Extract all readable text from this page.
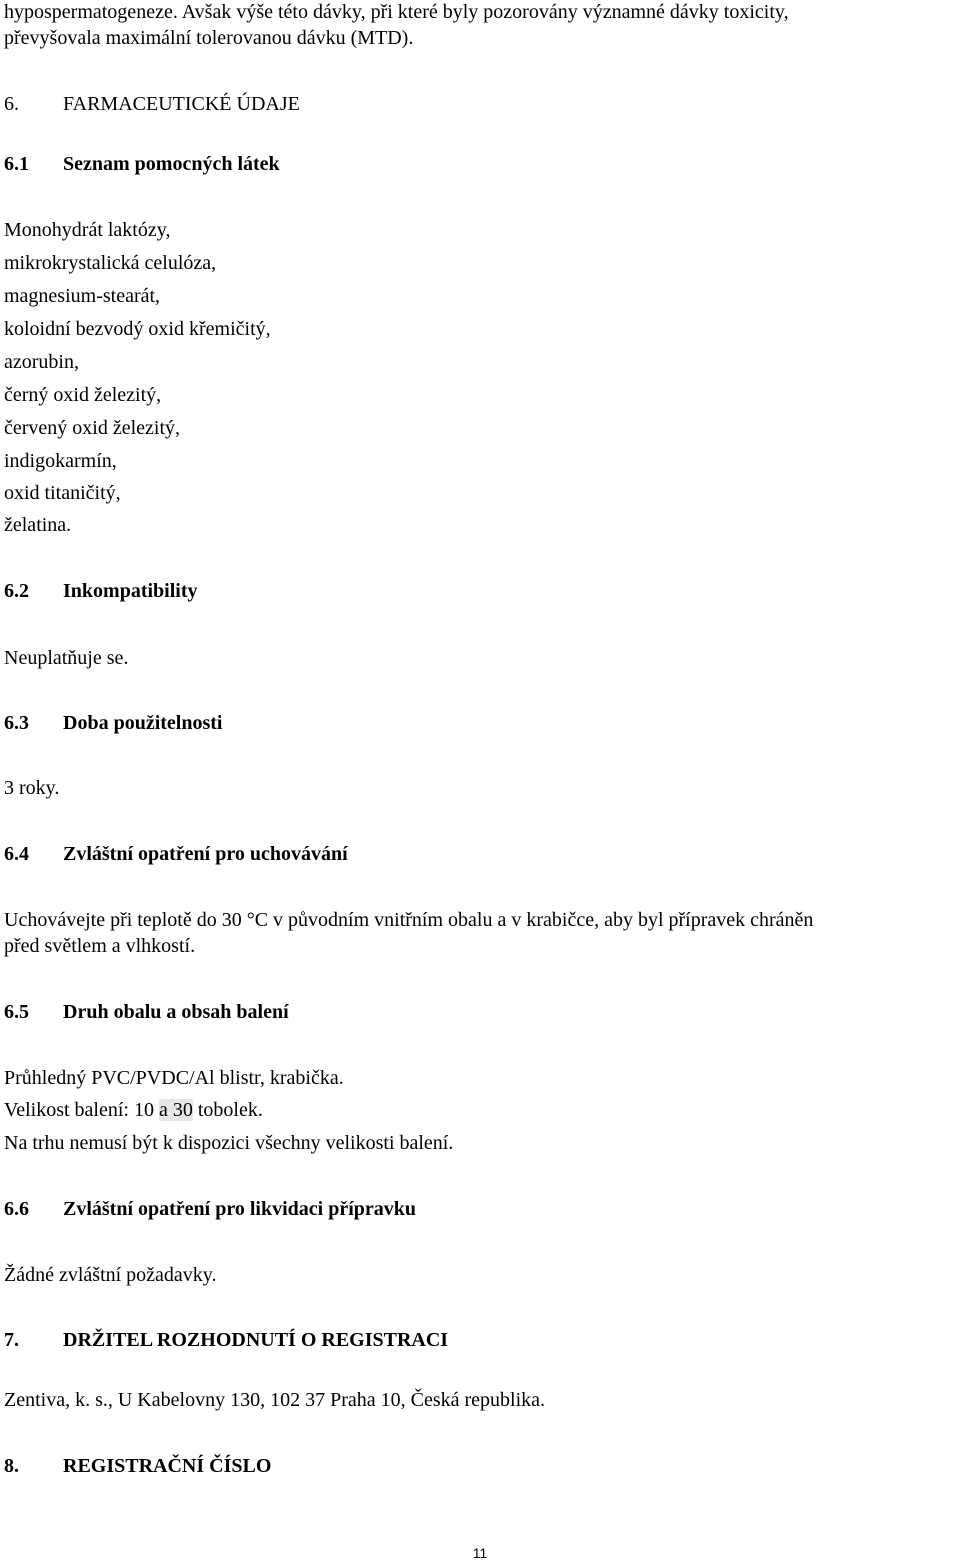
hypospermatogeneze. Avšak výše této dávky, při které byly pozorovány významné dávky toxicity,

převyšovala maximální tolerovanou dávku (MTD).

6. FARMACEUTICKÉ ÚDAJE

6.1 Seznam pomocných látek

Monohydrát laktózy,

mikrokrystalická celulóza,

magnesium-stearát,

koloidní bezvodý oxid křemičitý,

azorubin,

černý oxid železitý,

červený oxid železitý,

indigokarmín,

oxid titaničitý,

želatina.

6.2 Inkompatibility

Neuplatňuje se.

6.3 Doba použitelnosti

3 roky.

6.4 Zvláštní opatření pro uchovávání

Uchovávejte při teplotě do 30 °C v původním vnitřním obalu a v krabičce, aby byl přípravek chráněn

před světlem a vlhkostí.

6.5 Druh obalu a obsah balení

Průhledný PVC/PVDC/Al blistr, krabička.

Velikost balení: 10 a 30 tobolek.

Na trhu nemusí být k dispozici všechny velikosti balení.

6.6 Zvláštní opatření pro likvidaci přípravku

Žádné zvláštní požadavky.

7. DRŽITEL ROZHODNUTÍ O REGISTRACI

Zentiva, k. s., U Kabelovny 130, 102 37 Praha 10, Česká republika.

8. REGISTRAČNÍ ČÍSLO

11
